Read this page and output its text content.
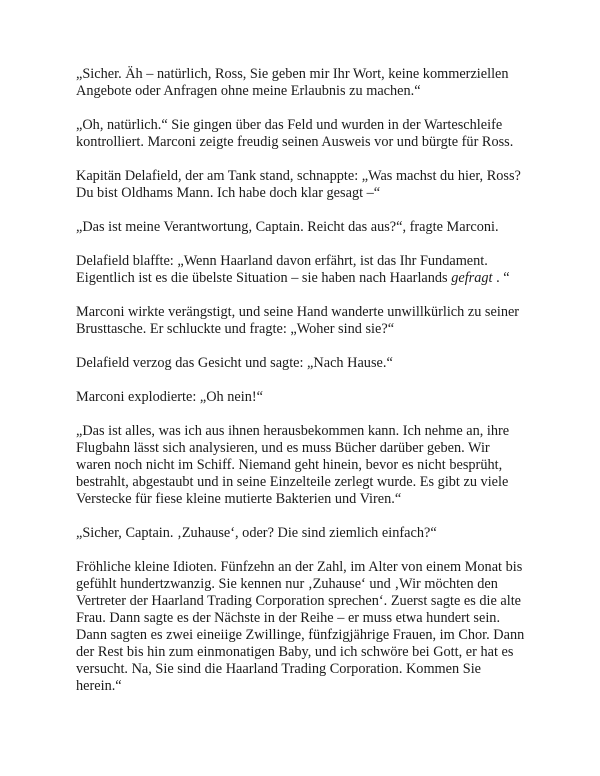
„Sicher. Äh – natürlich, Ross, Sie geben mir Ihr Wort, keine kommerziellen Angebote oder Anfragen ohne meine Erlaubnis zu machen.“

„Oh, natürlich.“ Sie gingen über das Feld und wurden in der Warteschleife kontrolliert. Marconi zeigte freudig seinen Ausweis vor und bürgte für Ross.

Kapitän Delafield, der am Tank stand, schnappte: „Was machst du hier, Ross? Du bist Oldhams Mann. Ich habe doch klar gesagt –“

„Das ist meine Verantwortung, Captain. Reicht das aus?“, fragte Marconi.

Delafield blaffte: „Wenn Haarland davon erfährt, ist das Ihr Fundament. Eigentlich ist es die übelste Situation – sie haben nach Haarlands gefragt . “

Marconi wirkte verängstigt, und seine Hand wanderte unwillkürlich zu seiner Brusttasche. Er schluckte und fragte: „Woher sind sie?“

Delafield verzog das Gesicht und sagte: „Nach Hause.“

Marconi explodierte: „Oh nein!“

„Das ist alles, was ich aus ihnen herausbekommen kann. Ich nehme an, ihre Flugbahn lässt sich analysieren, und es muss Bücher darüber geben. Wir waren noch nicht im Schiff. Niemand geht hinein, bevor es nicht besprüht, bestrahlt, abgestaubt und in seine Einzelteile zerlegt wurde. Es gibt zu viele Verstecke für fiese kleine mutierte Bakterien und Viren.“

„Sicher, Captain. ‚Zuhause‘, oder? Die sind ziemlich einfach?“

Fröhliche kleine Idioten. Fünfzehn an der Zahl, im Alter von einem Monat bis gefühlt hundertzwanzig. Sie kennen nur ‚Zuhause‘ und ‚Wir möchten den Vertreter der Haarland Trading Corporation sprechen‘. Zuerst sagte es die alte Frau. Dann sagte es der Nächste in der Reihe – er muss etwa hundert sein. Dann sagten es zwei eineiige Zwillinge, fünfzigjährige Frauen, im Chor. Dann der Rest bis hin zum einmonatigen Baby, und ich schwöre bei Gott, er hat es versucht. Na, Sie sind die Haarland Trading Corporation. Kommen Sie herein.“
